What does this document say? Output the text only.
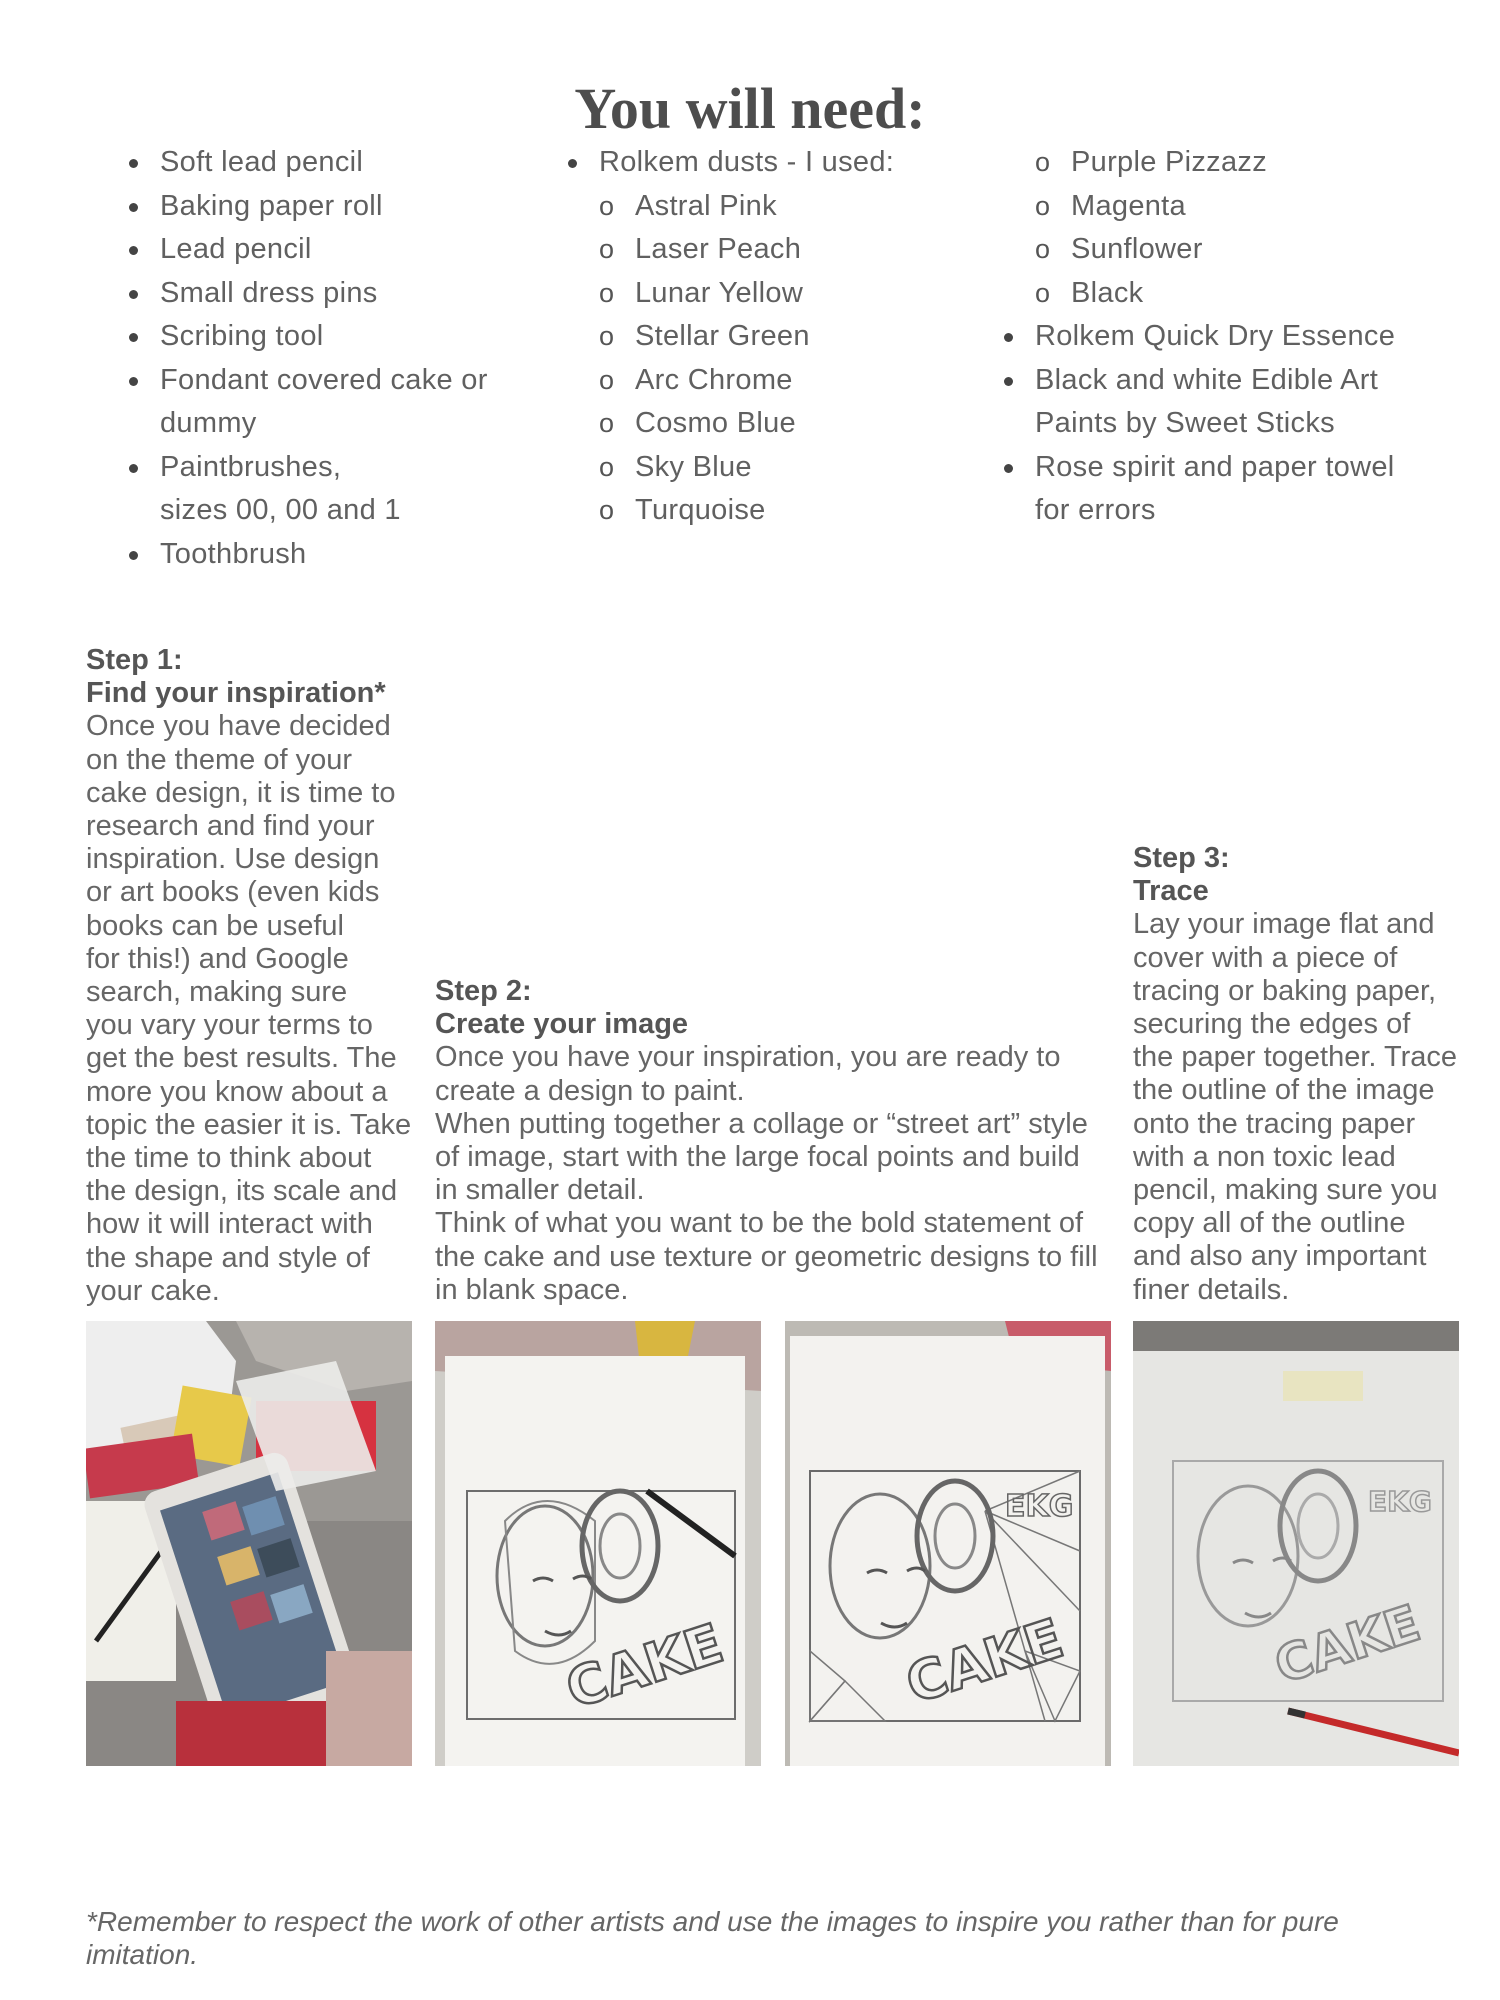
You will need:
Soft lead pencil
Baking paper roll
Lead pencil
Small dress pins
Scribing tool
Fondant covered cake or
dummy
Paintbrushes,
sizes 00, 00 and 1
Toothbrush
Rolkem dusts - I used:
o Astral Pink
o Laser Peach
o Lunar Yellow
o Stellar Green
o Arc Chrome
o Cosmo Blue
o Sky Blue
o Turquoise
o Purple Pizzazz
o Magenta
o Sunflower
o Black
Rolkem Quick Dry Essence
Black and white Edible Art
Paints by Sweet Sticks
Rose spirit and paper towel
for errors
Step 1:
Find your inspiration*
Once you have decided
on the theme of your
cake design, it is time to
research and find your
inspiration. Use design
or art books (even kids
books can be useful
for this!) and Google
search, making sure
you vary your terms to
get the best results. The
more you know about a
topic the easier it is. Take
the time to think about
the design, its scale and
how it will interact with
the shape and style of
your cake.
Step 2:
Create your image
Once you have your inspiration, you are ready to
create a design to paint.
When putting together a collage or “street art” style
of image, start with the large focal points and build
in smaller detail.
Think of what you want to be the bold statement of
the cake and use texture or geometric designs to fill
in blank space.
Step 3:
Trace
Lay your image flat and
cover with a piece of
tracing or baking paper,
securing the edges of
the paper together. Trace
the outline of the image
onto the tracing paper
with a non toxic lead
pencil, making sure you
copy all of the outline
and also any important
finer details.
CAKE
EKG
CAKE
EKG
CAKE
*Remember to respect the work of other artists and use the images to inspire you rather than for pure
imitation.
